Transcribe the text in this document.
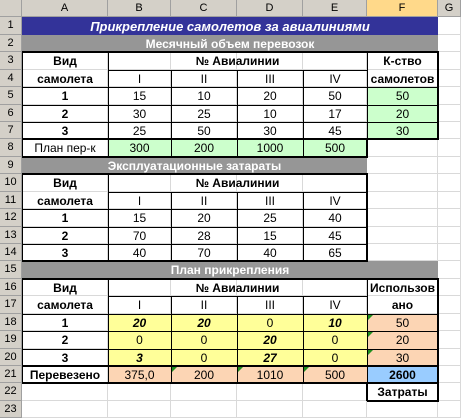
Прикрепление самолетов за авиалиниями
Месячный объем перевозок
Эксплуатационные затараты
План прикрепления
Вид
самолета
№ Авиалинии
I	II	III	IV
К-ство
самолетов
1	15	10	20	50	50
2	30	25	10	17	20
3	25	50	30	45	30
План пер-к	300	200	1000	500
Вид
самолета
№ Авиалинии
I	II	III	IV
1	15	20	25	40
2	70	28	15	45
3	40	70	40	65
Вид
самолета
№ Авиалинии
I	II	III	IV
Использов
ано
1	20	20	0	10	50
2	0	0	20	0	20
3	3	0	27	0	30
Перевезено	375,0	200	1010	500	2600
Затраты
A	B	C	D	E	F	G
1
2
3
4
5
6
7
8
9
10
11
12
13
14
15
16
17
18
19
20
21
22
23
